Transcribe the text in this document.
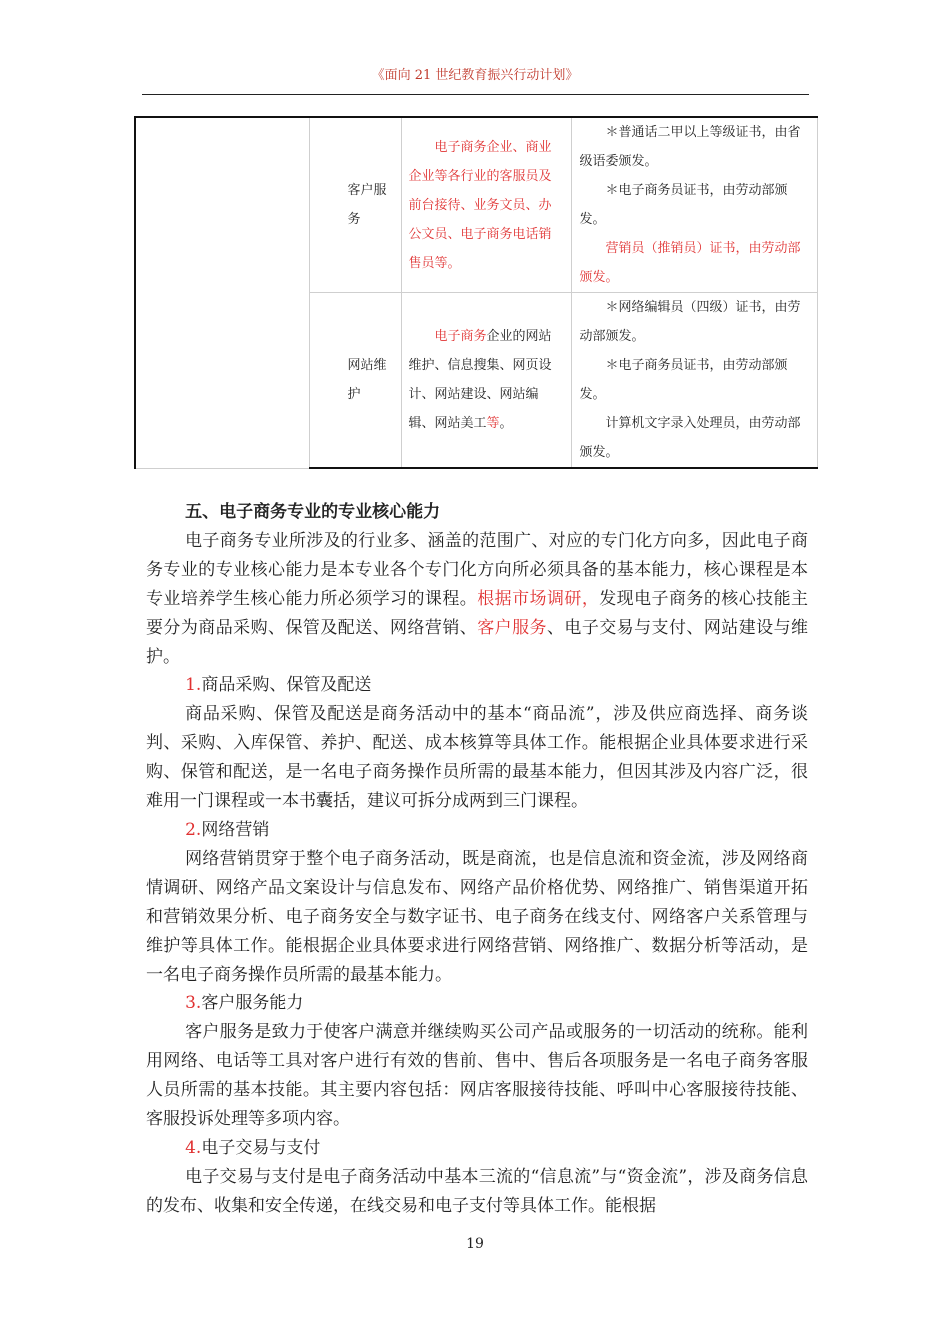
《面向 21 世纪教育振兴行动计划》
	客户服务	电子商务企业、商业企业等各行业的客服员及前台接待、业务文员、办公文员、电子商务电话销售员等。	＊普通话二甲以上等级证书，由省级语委颁发。

＊电子商务员证书，由劳动部颁发。

营销员（推销员）证书，由劳动部颁发。

	网站维护	电子商务企业的网站维护、信息搜集、网页设计、网站建设、网站编辑、网站美工等。	＊网络编辑员（四级）证书，由劳动部颁发。

＊电子商务员证书，由劳动部颁发。

计算机文字录入处理员，由劳动部颁发。

五、电子商务专业的专业核心能力

电子商务专业所涉及的行业多、涵盖的范围广、对应的专门化方向多，因此电子商务专业的专业核心能力是本专业各个专门化方向所必须具备的基本能力，核心课程是本专业培养学生核心能力所必须学习的课程。根据市场调研，发现电子商务的核心技能主要分为商品采购、保管及配送、网络营销、客户服务、电子交易与支付、网站建设与维护。

1.商品采购、保管及配送

商品采购、保管及配送是商务活动中的基本“商品流”，涉及供应商选择、商务谈判、采购、入库保管、养护、配送、成本核算等具体工作。能根据企业具体要求进行采购、保管和配送，是一名电子商务操作员所需的最基本能力，但因其涉及内容广泛，很难用一门课程或一本书囊括，建议可拆分成两到三门课程。

2.网络营销

网络营销贯穿于整个电子商务活动，既是商流，也是信息流和资金流，涉及网络商情调研、网络产品文案设计与信息发布、网络产品价格优势、网络推广、销售渠道开拓和营销效果分析、电子商务安全与数字证书、电子商务在线支付、网络客户关系管理与维护等具体工作。能根据企业具体要求进行网络营销、网络推广、数据分析等活动，是一名电子商务操作员所需的最基本能力。

3.客户服务能力

客户服务是致力于使客户满意并继续购买公司产品或服务的一切活动的统称。能利用网络、电话等工具对客户进行有效的售前、售中、售后各项服务是一名电子商务客服人员所需的基本技能。其主要内容包括：网店客服接待技能、呼叫中心客服接待技能、客服投诉处理等多项内容。

4.电子交易与支付

电子交易与支付是电子商务活动中基本三流的“信息流”与“资金流”，涉及商务信息的发布、收集和安全传递，在线交易和电子支付等具体工作。能根据

19
